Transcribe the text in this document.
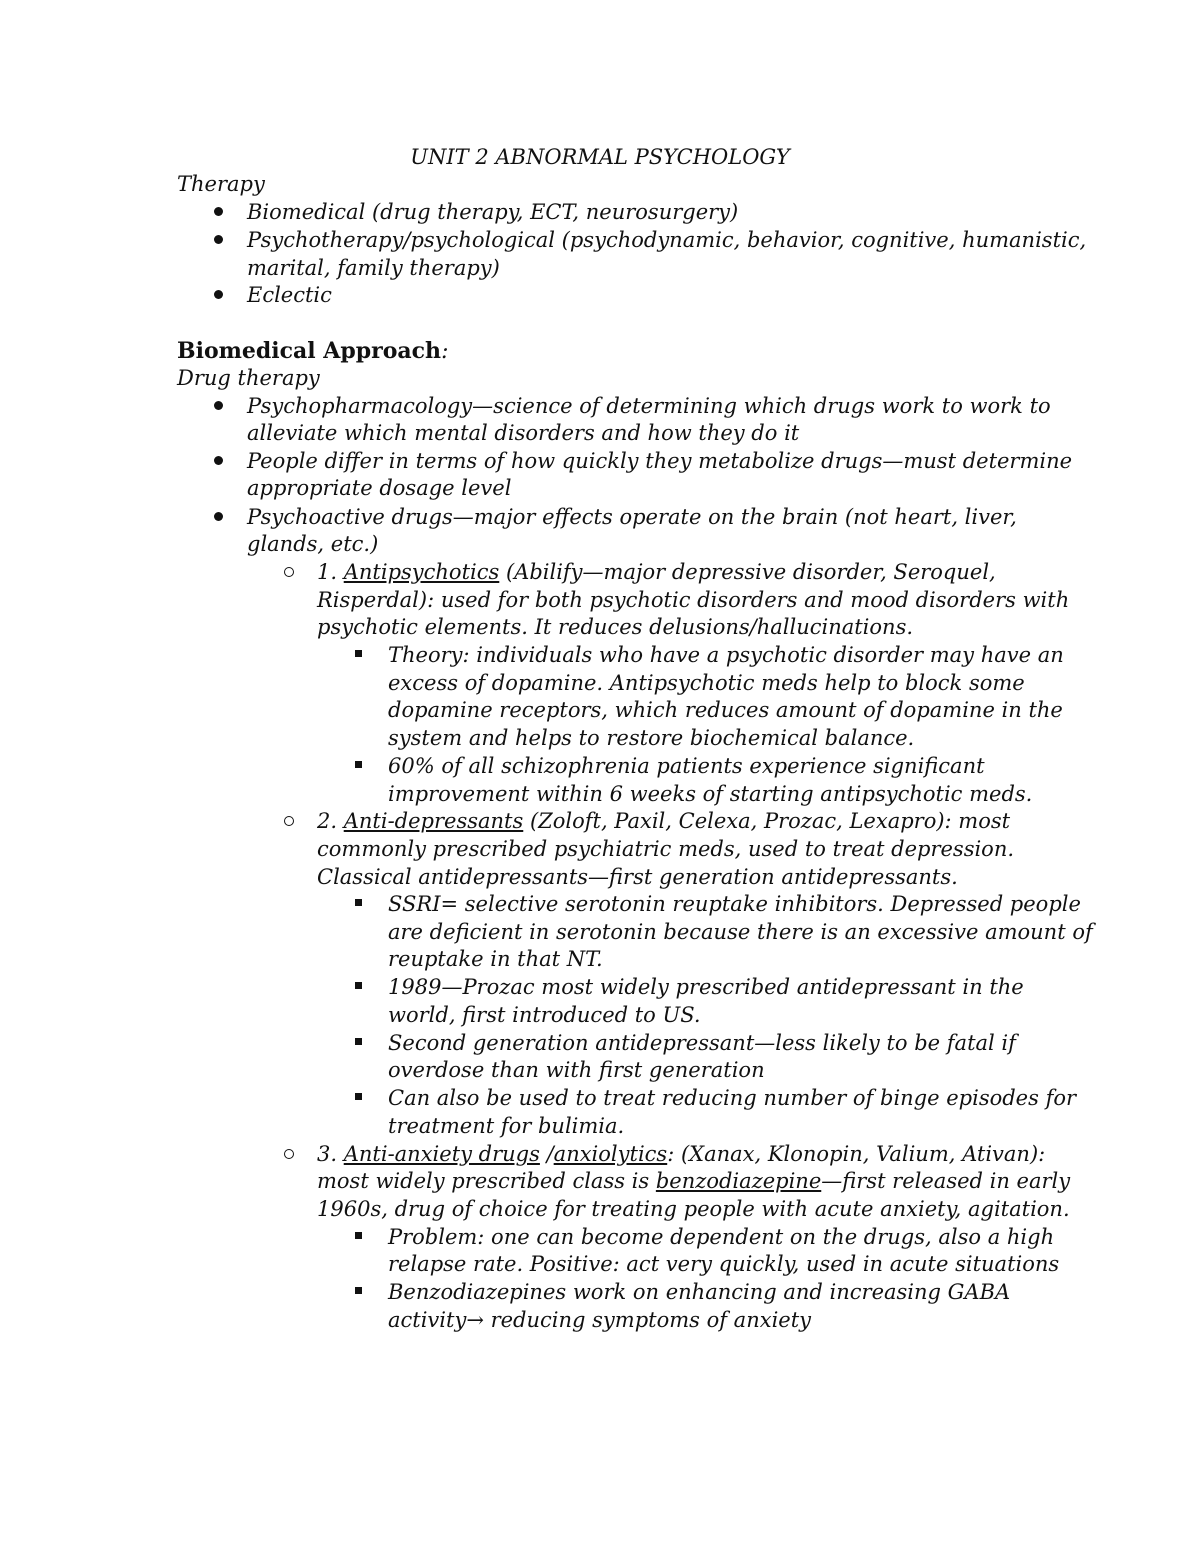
UNIT 2 ABNORMAL PSYCHOLOGY
Therapy
Biomedical (drug therapy, ECT, neurosurgery)
Psychotherapy/psychological (psychodynamic, behavior, cognitive, humanistic,
marital, family therapy)
Eclectic
Biomedical Approach:
Drug therapy
Psychopharmacology—science of determining which drugs work to work to
alleviate which mental disorders and how they do it
People differ in terms of how quickly they metabolize drugs—must determine
appropriate dosage level
Psychoactive drugs—major effects operate on the brain (not heart, liver,
glands, etc.)
1. Antipsychotics (Abilify—major depressive disorder, Seroquel,
Risperdal): used for both psychotic disorders and mood disorders with
psychotic elements. It reduces delusions/hallucinations.
Theory: individuals who have a psychotic disorder may have an
excess of dopamine. Antipsychotic meds help to block some
dopamine receptors, which reduces amount of dopamine in the
system and helps to restore biochemical balance.
60% of all schizophrenia patients experience significant
improvement within 6 weeks of starting antipsychotic meds.
2. Anti-depressants (Zoloft, Paxil, Celexa, Prozac, Lexapro): most
commonly prescribed psychiatric meds, used to treat depression.
Classical antidepressants—first generation antidepressants.
SSRI= selective serotonin reuptake inhibitors. Depressed people
are deficient in serotonin because there is an excessive amount of
reuptake in that NT.
1989—Prozac most widely prescribed antidepressant in the
world, first introduced to US.
Second generation antidepressant—less likely to be fatal if
overdose than with first generation
Can also be used to treat reducing number of binge episodes for
treatment for bulimia.
3. Anti-anxiety drugs /anxiolytics: (Xanax, Klonopin, Valium, Ativan):
most widely prescribed class is benzodiazepine—first released in early
1960s, drug of choice for treating people with acute anxiety, agitation.
Problem: one can become dependent on the drugs, also a high
relapse rate. Positive: act very quickly, used in acute situations
Benzodiazepines work on enhancing and increasing GABA
activity→ reducing symptoms of anxiety
